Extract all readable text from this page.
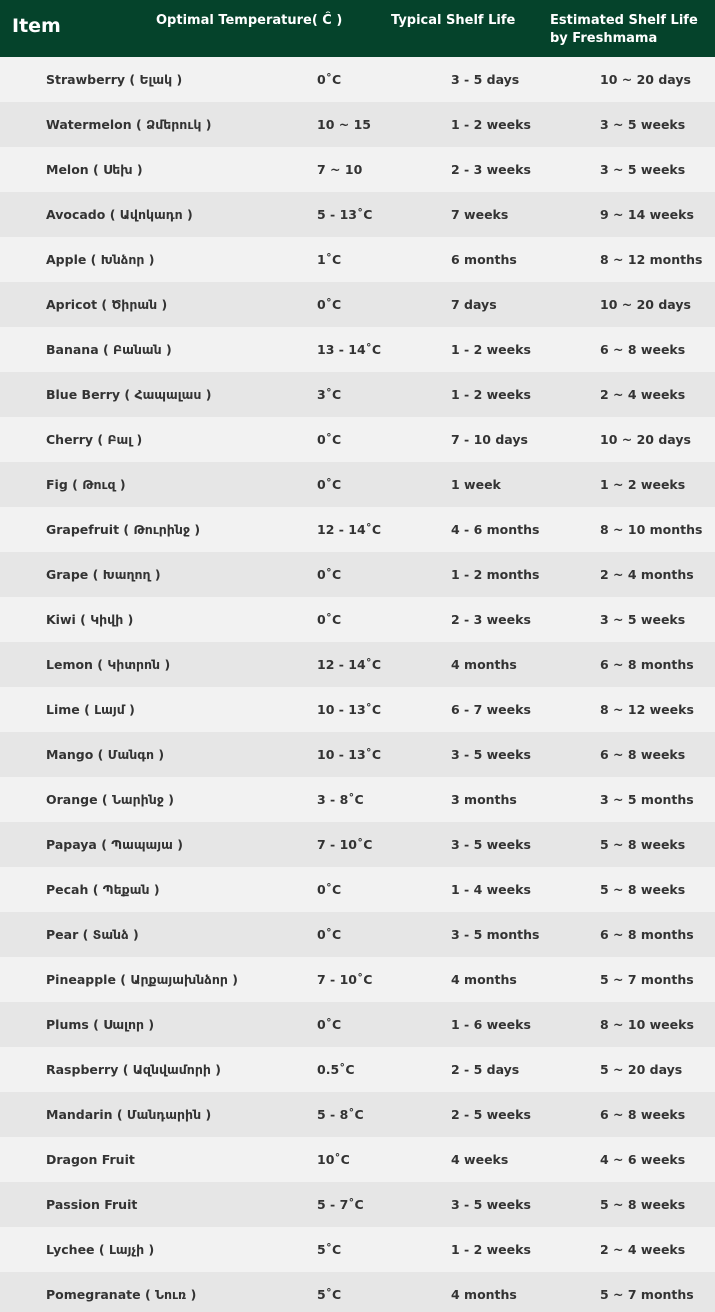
Item	Optimal Temperature( Ĉ )	Typical Shelf Life	Estimated Shelf Life
by Freshmama
Strawberry ( Ելակ )	0˚C	3 - 5 days	10 ~ 20 days
Watermelon ( Ձմերուկ )	10 ~ 15	1 - 2 weeks	3 ~ 5 weeks
Melon ( Սեխ )	7 ~ 10	2 - 3 weeks	3 ~ 5 weeks
Avocado ( Ավոկադո )	5 - 13˚C	7 weeks	9 ~ 14 weeks
Apple ( Խնձոր )	1˚C	6 months	8 ~ 12 months
Apricot ( Ծիրան )	0˚C	7 days	10 ~ 20 days
Banana ( Բանան )	13 - 14˚C	1 - 2 weeks	6 ~ 8 weeks
Blue Berry ( Հապալաս )	3˚C	1 - 2 weeks	2 ~ 4 weeks
Cherry ( Բալ )	0˚C	7 - 10 days	10 ~ 20 days
Fig ( Թուզ )	0˚C	1 week	1 ~ 2 weeks
Grapefruit ( Թուրինջ )	12 - 14˚C	4 - 6 months	8 ~ 10 months
Grape ( Խաղող )	0˚C	1 - 2 months	2 ~ 4 months
Kiwi ( Կիվի )	0˚C	2 - 3 weeks	3 ~ 5 weeks
Lemon ( Կիտրոն )	12 - 14˚C	4 months	6 ~ 8 months
Lime ( Լայմ )	10 - 13˚C	6 - 7 weeks	8 ~ 12 weeks
Mango ( Մանգո )	10 - 13˚C	3 - 5 weeks	6 ~ 8 weeks
Orange ( Նարինջ )	3 - 8˚C	3 months	3 ~ 5 months
Papaya ( Պապայա )	7 - 10˚C	3 - 5 weeks	5 ~ 8 weeks
Pecah ( Պեքան )	0˚C	1 - 4 weeks	5 ~ 8 weeks
Pear ( Տանձ )	0˚C	3 - 5 months	6 ~ 8 months
Pineapple ( Արքայախնձոր )	7 - 10˚C	4 months	5 ~ 7 months
Plums ( Սալոր )	0˚C	1 - 6 weeks	8 ~ 10 weeks
Raspberry ( Ազնվամորի )	0.5˚C	2 - 5 days	5 ~ 20 days
Mandarin ( Մանդարին )	5 - 8˚C	2 - 5 weeks	6 ~ 8 weeks
Dragon Fruit	10˚C	4 weeks	4 ~ 6 weeks
Passion Fruit	5 - 7˚C	3 - 5 weeks	5 ~ 8 weeks
Lychee ( Լայչի )	5˚C	1 - 2 weeks	2 ~ 4 weeks
Pomegranate ( Նուռ )	5˚C	4 months	5 ~ 7 months
